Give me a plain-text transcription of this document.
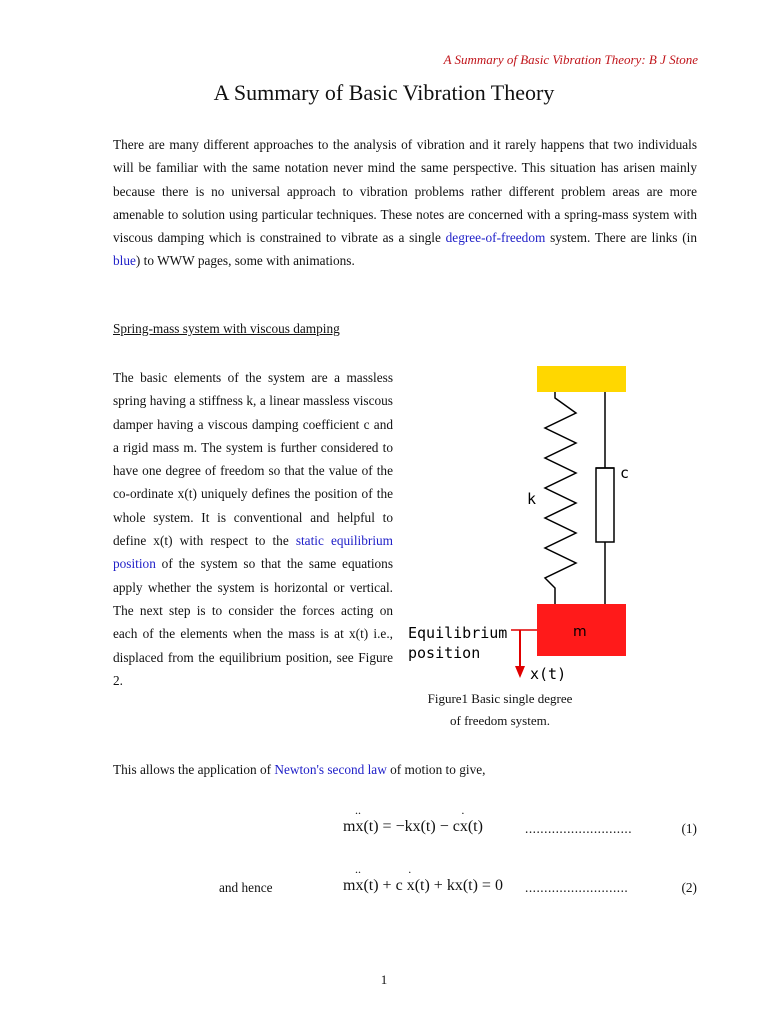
A Summary of Basic Vibration Theory: B J Stone
A Summary of Basic Vibration Theory

There are many different approaches to the analysis of vibration and it rarely happens that two individuals will be familiar with the same notation never mind the same perspective. This situation has arisen mainly because there is no universal approach to vibration problems rather different problem areas are more amenable to solution using particular techniques. These notes are concerned with a spring-mass system with viscous damping which is constrained to vibrate as a single degree-of-freedom system. There are links (in blue) to WWW pages, some with animations.

Spring-mass system with viscous damping

The basic elements of the system are a massless spring having a stiffness k, a linear massless viscous damper having a viscous damping coefficient c and a rigid mass m. The system is further considered to have one degree of freedom so that the value of the co-ordinate x(t) uniquely defines the position of the whole system. It is conventional and helpful to define x(t) with respect to the static equilibrium position of the system so that the same equations apply whether the system is horizontal or vertical. The next step is to consider the forces acting on each of the elements when the mass is at x(t) i.e., displaced from the equilibrium position, see Figure 2.

c
k
m
Equilibrium
position
x(t)
Figure1 Basic single degree
of freedom system.
This allows the application of Newton's second law of motion to give,
m·· x(t) = −kx(t) − c· x(t)	............................	(1)
and hence	m·· x(t) + c · x(t) + kx(t) = 0 ...........................	(2)
1
